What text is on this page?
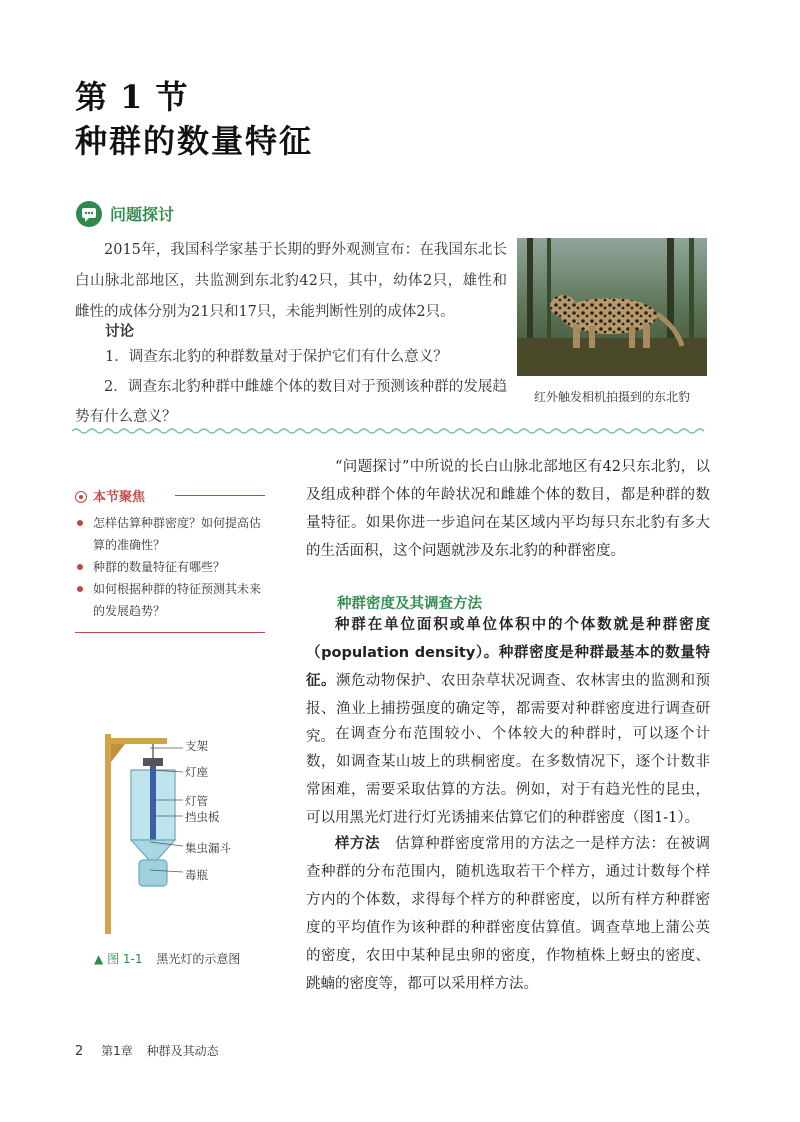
第 1 节
种群的数量特征
问题探讨

2015年，我国科学家基于长期的野外观测宣布：在我国东北长白山脉北部地区，共监测到东北豹42只，其中，幼体2只，雄性和雌性的成体分别为21只和17只，未能判断性别的成体2只。

讨论
1．调查东北豹的种群数量对于保护它们有什么意义？
2．调查东北豹种群中雌雄个体的数目对于预测该种群的发展趋势有什么意义？
红外触发相机拍摄到的东北豹
本节聚焦
怎样估算种群密度？如何提高估算的准确性？
种群的数量特征有哪些？
如何根据种群的特征预测其未来的发展趋势？

“问题探讨”中所说的长白山脉北部地区有42只东北豹，以及组成种群个体的年龄状况和雌雄个体的数目，都是种群的数量特征。如果你进一步追问在某区域内平均每只东北豹有多大的生活面积，这个问题就涉及东北豹的种群密度。

种群密度及其调查方法

种群在单位面积或单位体积中的个体数就是种群密度（population density）。种群密度是种群最基本的数量特征。濒危动物保护、农田杂草状况调查、农林害虫的监测和预报、渔业上捕捞强度的确定等，都需要对种群密度进行调查研究。 在调查分布范围较小、个体较大的种群时，可以逐个计数，如调查某山坡上的珙桐密度。在多数情况下，逐个计数非常困难，需要采取估算的方法。例如，对于有趋光性的昆虫，可以用黑光灯进行灯光诱捕来估算它们的种群密度（图1-1）。

样方法　 估算种群密度常用的方法之一是样方法：在被调查种群的分布范围内，随机选取若干个样方，通过计数每个样方内的个体数，求得每个样方的种群密度，以所有样方种群密度的平均值作为该种群的种群密度估算值。调查草地上蒲公英的密度，农田中某种昆虫卵的密度，作物植株上蚜虫的密度、跳蝻的密度等，都可以采用样方法。

支架
灯座
灯管
挡虫板
集虫漏斗
毒瓶
▲ 图 1-1 黑光灯的示意图
2 第1章 种群及其动态
